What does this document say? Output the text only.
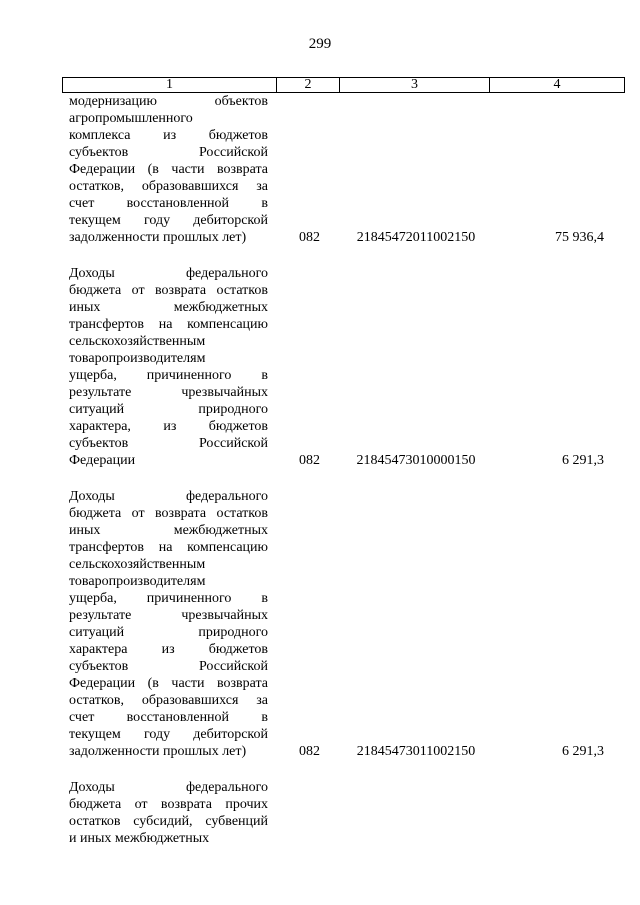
299
1	2	3	4
модернизацию объектов
агропромышленного
комплекса из бюджетов
субъектов Российской
Федерации (в части возврата
остатков, образовавшихся за
счет восстановленной в
текущем году дебиторской
задолженности прошлых лет)	082	21845472011002150	75 936,4
Доходы федерального
бюджета от возврата остатков
иных межбюджетных
трансфертов на компенсацию
сельскохозяйственным
товаропроизводителям
ущерба, причиненного в
результате чрезвычайных
ситуаций природного
характера, из бюджетов
субъектов Российской
Федерации	082	21845473010000150	6 291,3
Доходы федерального
бюджета от возврата остатков
иных межбюджетных
трансфертов на компенсацию
сельскохозяйственным
товаропроизводителям
ущерба, причиненного в
результате чрезвычайных
ситуаций природного
характера из бюджетов
субъектов Российской
Федерации (в части возврата
остатков, образовавшихся за
счет восстановленной в
текущем году дебиторской
задолженности прошлых лет)	082	21845473011002150	6 291,3
Доходы федерального
бюджета от возврата прочих
остатков субсидий, субвенций
и иных межбюджетных
